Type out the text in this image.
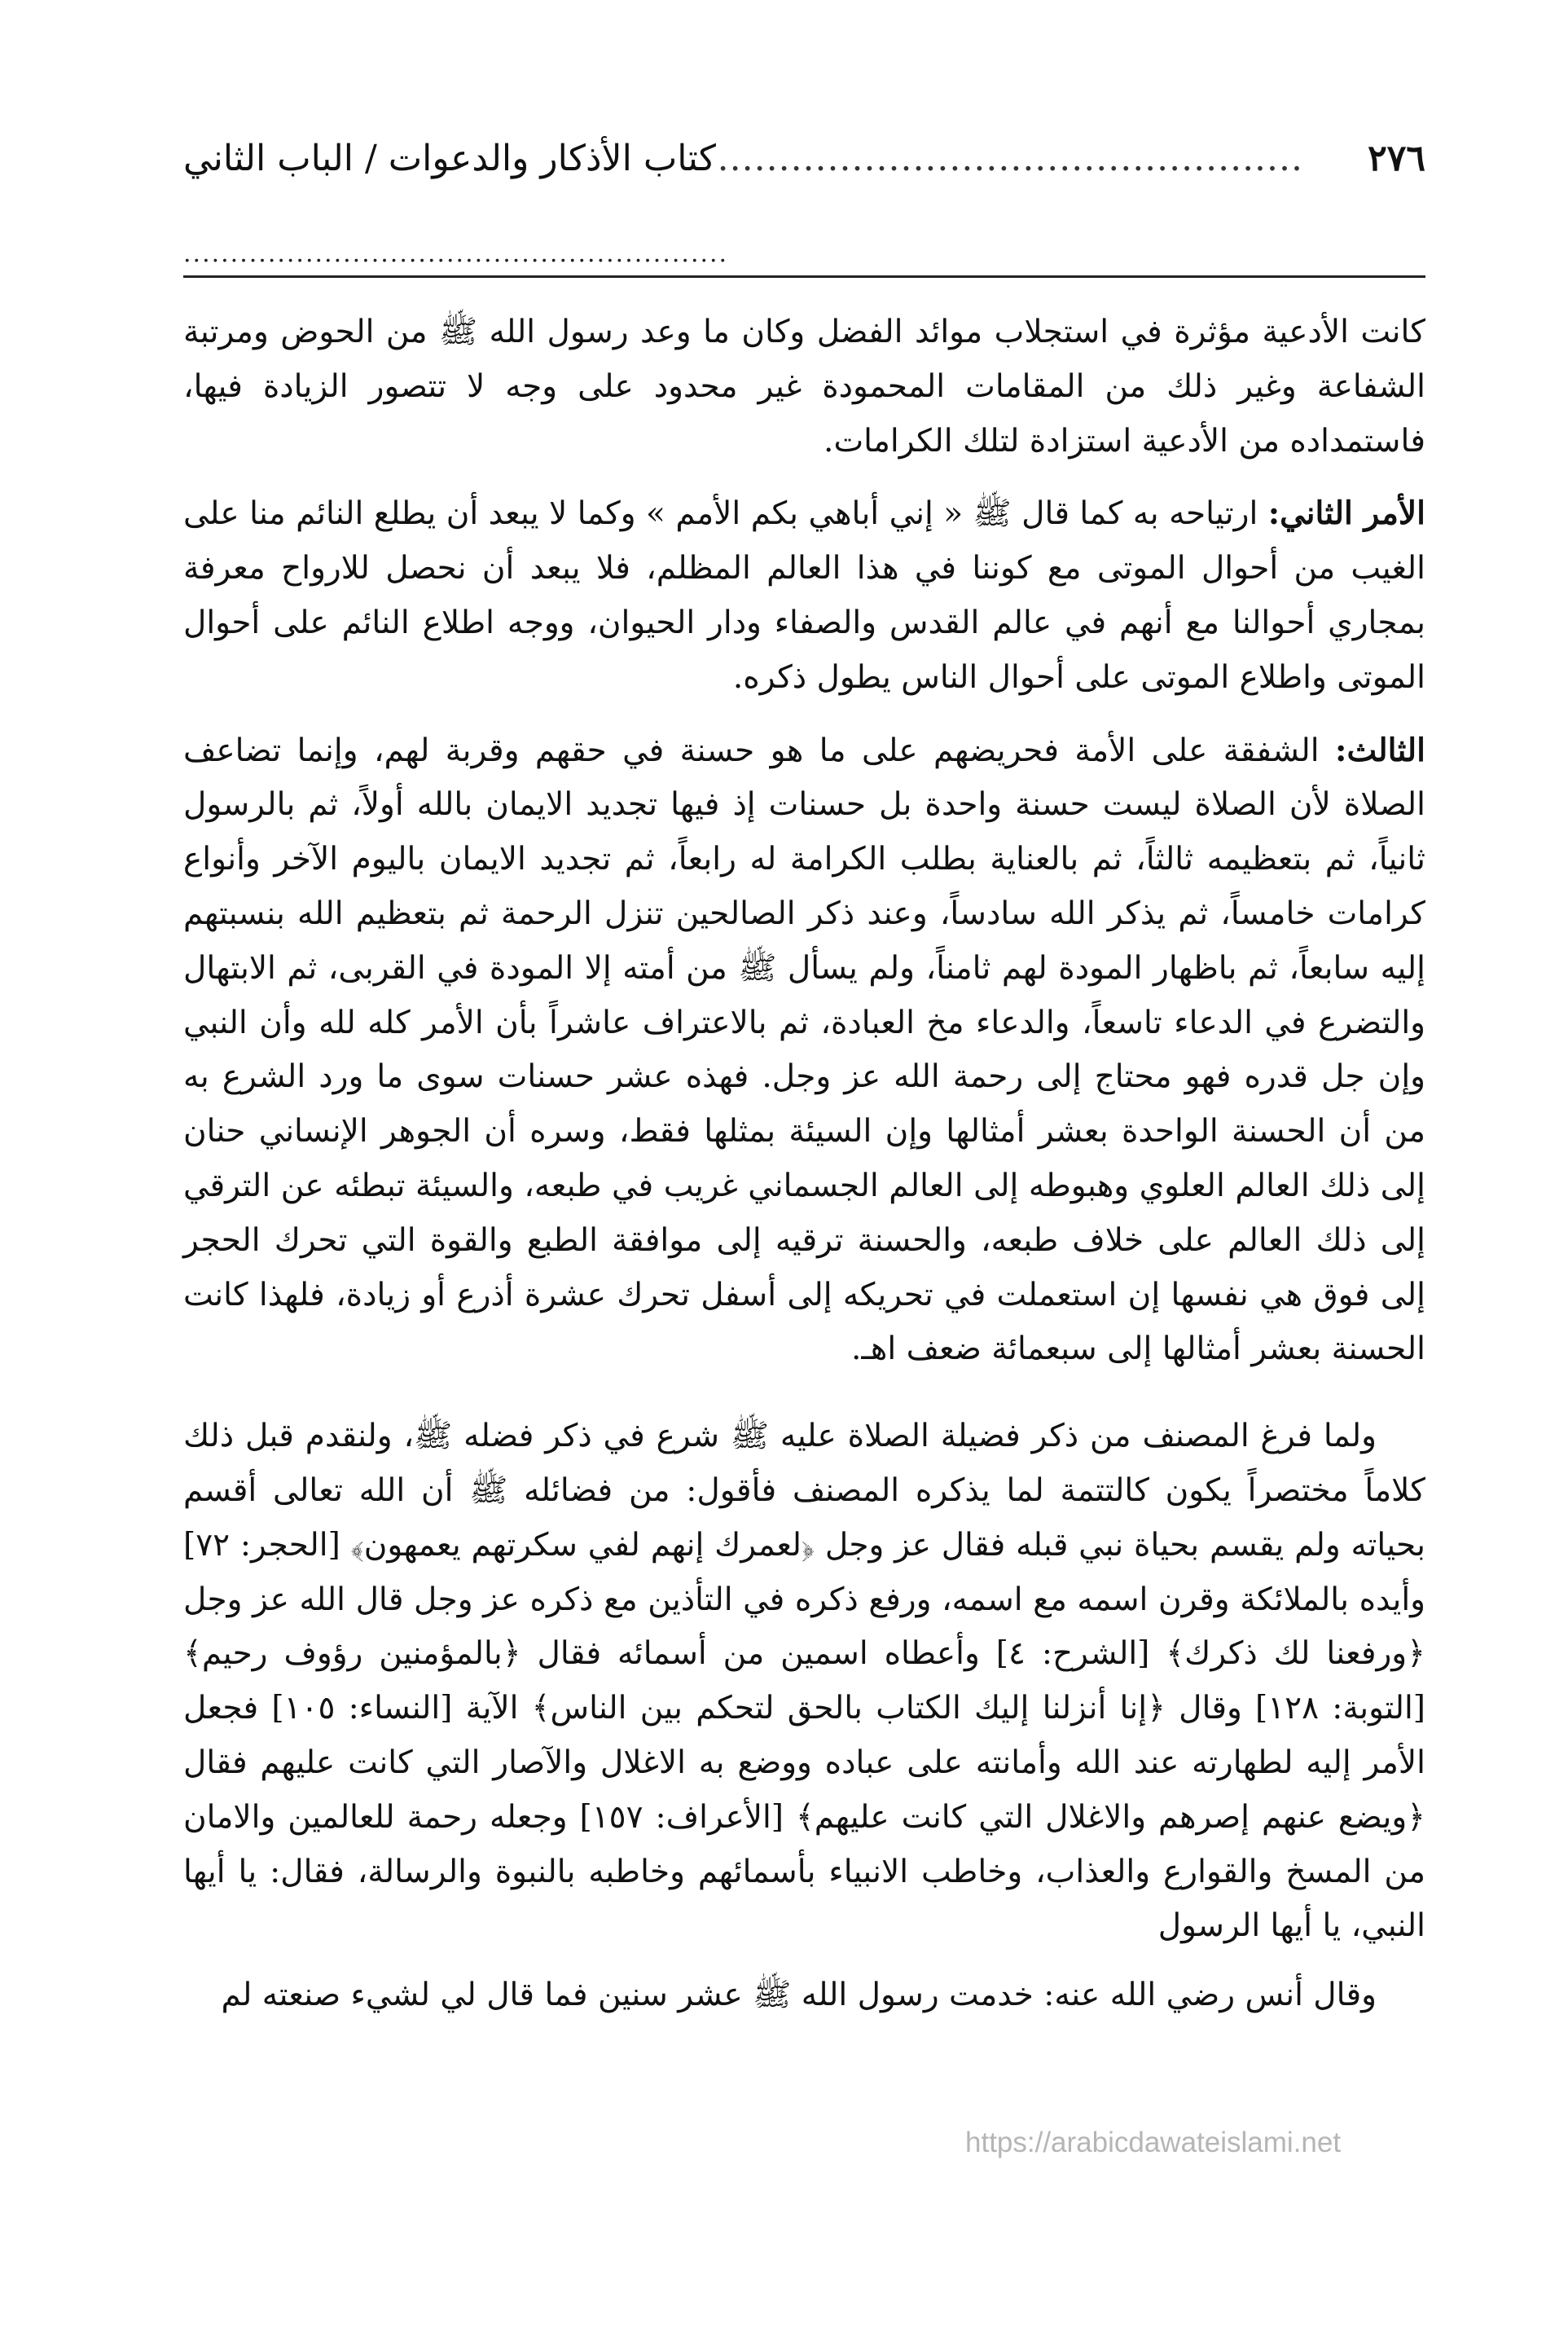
٢٧٦
................................................
كتاب الأذكار والدعوات / الباب الثاني
..........................................................

كانت الأدعية مؤثرة في استجلاب موائد الفضل وكان ما وعد رسول الله ﷺ من الحوض ومرتبة الشفاعة وغير ذلك من المقامات المحمودة غير محدود على وجه لا تتصور الزيادة فيها، فاستمداده من الأدعية استزادة لتلك الكرامات.

الأمر الثاني: ارتياحه به كما قال ﷺ « إني أباهي بكم الأمم » وكما لا يبعد أن يطلع النائم منا على الغيب من أحوال الموتى مع كوننا في هذا العالم المظلم، فلا يبعد أن نحصل للارواح معرفة بمجاري أحوالنا مع أنهم في عالم القدس والصفاء ودار الحيوان، ووجه اطلاع النائم على أحوال الموتى واطلاع الموتى على أحوال الناس يطول ذكره.

الثالث: الشفقة على الأمة فحريضهم على ما هو حسنة في حقهم وقربة لهم، وإنما تضاعف الصلاة لأن الصلاة ليست حسنة واحدة بل حسنات إذ فيها تجديد الايمان بالله أولاً، ثم بالرسول ثانياً، ثم بتعظيمه ثالثاً، ثم بالعناية بطلب الكرامة له رابعاً، ثم تجديد الايمان باليوم الآخر وأنواع كرامات خامساً، ثم يذكر الله سادساً، وعند ذكر الصالحين تنزل الرحمة ثم بتعظيم الله بنسبتهم إليه سابعاً، ثم باظهار المودة لهم ثامناً، ولم يسأل ﷺ من أمته إلا المودة في القربى، ثم الابتهال والتضرع في الدعاء تاسعاً، والدعاء مخ العبادة، ثم بالاعتراف عاشراً بأن الأمر كله لله وأن النبي وإن جل قدره فهو محتاج إلى رحمة الله عز وجل. فهذه عشر حسنات سوى ما ورد الشرع به من أن الحسنة الواحدة بعشر أمثالها وإن السيئة بمثلها فقط، وسره أن الجوهر الإنساني حنان إلى ذلك العالم العلوي وهبوطه إلى العالم الجسماني غريب في طبعه، والسيئة تبطئه عن الترقي إلى ذلك العالم على خلاف طبعه، والحسنة ترقيه إلى موافقة الطبع والقوة التي تحرك الحجر إلى فوق هي نفسها إن استعملت في تحريكه إلى أسفل تحرك عشرة أذرع أو زيادة، فلهذا كانت الحسنة بعشر أمثالها إلى سبعمائة ضعف اهـ.

ولما فرغ المصنف من ذكر فضيلة الصلاة عليه ﷺ شرع في ذكر فضله ﷺ، ولنقدم قبل ذلك كلاماً مختصراً يكون كالتتمة لما يذكره المصنف فأقول: من فضائله ﷺ أن الله تعالى أقسم بحياته ولم يقسم بحياة نبي قبله فقال عز وجل ﴿لعمرك إنهم لفي سكرتهم يعمهون﴾ [الحجر: ٧٢] وأيده بالملائكة وقرن اسمه مع اسمه، ورفع ذكره في التأذين مع ذكره عز وجل قال الله عز وجل ﴿ورفعنا لك ذكرك﴾ [الشرح: ٤] وأعطاه اسمين من أسمائه فقال ﴿بالمؤمنين رؤوف رحيم﴾ [التوبة: ١٢٨] وقال ﴿إنا أنزلنا إليك الكتاب بالحق لتحكم بين الناس﴾ الآية [النساء: ١٠٥] فجعل الأمر إليه لطهارته عند الله وأمانته على عباده ووضع به الاغلال والآصار التي كانت عليهم فقال ﴿ويضع عنهم إصرهم والاغلال التي كانت عليهم﴾ [الأعراف: ١٥٧] وجعله رحمة للعالمين والامان من المسخ والقوارع والعذاب، وخاطب الانبياء بأسمائهم وخاطبه بالنبوة والرسالة، فقال: يا أيها النبي، يا أيها الرسول

وقال أنس رضي الله عنه: خدمت رسول الله ﷺ عشر سنين فما قال لي لشيء صنعته لم

https://arabicdawateislami.net
